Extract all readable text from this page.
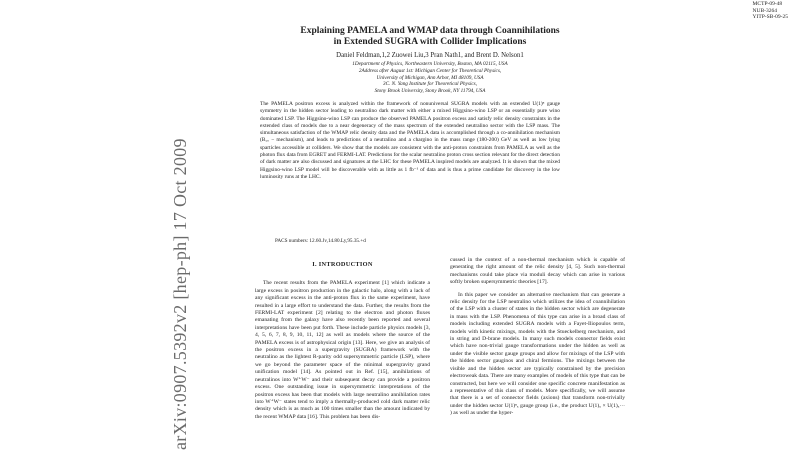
MCTP-09-48
NUB-3264
YITP-SB-09-25
arXiv:0907.5392v2 [hep-ph] 17 Oct 2009
Explaining PAMELA and WMAP data through Coannihilations
in Extended SUGRA with Collider Implications
Daniel Feldman,1,2 Zuowei Liu,3 Pran Nath1, and Brent D. Nelson1
1Department of Physics, Northeastern University, Boston, MA 02115, USA
2Address after August 1st: Michigan Center for Theoretical Physics,
University of Michigan, Ann Arbor, MI 48109, USA
3C. N. Yang Institute for Theoretical Physics,
Stony Brook University, Stony Brook, NY 11794, USA
The PAMELA positron excess is analyzed within the framework of nonuniversal SUGRA models with an extended U(1)ⁿ gauge symmetry in the hidden sector leading to neutralino dark matter with either a mixed Higgsino-wino LSP or an essentially pure wino dominated LSP. The Higgsino-wino LSP can produce the observed PAMELA positron excess and satisfy relic density constraints in the extended class of models due to a near degeneracy of the mass spectrum of the extended neutralino sector with the LSP mass. The simultaneous satisfaction of the WMAP relic density data and the PAMELA data is accomplished through a co-annihilation mechanism (B꜀ₒ − mechanism), and leads to predictions of a neutralino and a chargino in the mass range (180-200) GeV as well as low lying sparticles accessible at colliders. We show that the models are consistent with the anti-proton constraints from PAMELA as well as the photon flux data from EGRET and FERMI-LAT. Predictions for the scalar neutralino proton cross section relevant for the direct detection of dark matter are also discussed and signatures at the LHC for these PAMELA inspired models are analyzed. It is shown that the mixed Higgsino-wino LSP model will be discoverable with as little as 1 fb⁻¹ of data and is thus a prime candidate for discovery in the low luminosity runs at the LHC.
PACS numbers: 12.60.Jv,14.80.Ly,95.35.+d
I. INTRODUCTION

The recent results from the PAMELA experiment [1] which indicate a large excess in positron production in the galactic halo, along with a lack of any significant excess in the anti-proton flux in the same experiment, have resulted in a large effort to understand the data. Further, the results from the FERMI-LAT experiment [2] relating to the electron and photon fluxes emanating from the galaxy have also recently been reported and several interpretations have been put forth. These include particle physics models [3, 4, 5, 6, 7, 8, 9, 10, 11, 12] as well as models where the source of the PAMELA excess is of astrophysical origin [13]. Here, we give an analysis of the positron excess in a supergravity (SUGRA) framework with the neutralino as the lightest R-parity odd supersymmetric particle (LSP), where we go beyond the parameter space of the minimal supergravity grand unification model [14]. As pointed out in Ref. [15], annihilations of neutralinos into W⁺W⁻ and their subsequent decay can provide a positron excess. One outstanding issue in supersymmetric interpretations of the positron excess has been that models with large neutralino annihilation rates into W⁺W⁻ states tend to imply a thermally-produced cold dark matter relic density which is as much as 100 times smaller than the amount indicated by the recent WMAP data [16]. This problem has been dis-

cussed in the context of a non-thermal mechanism which is capable of generating the right amount of the relic density [4, 5]. Such non-thermal mechanisms could take place via moduli decay which can arise in various softly broken supersymmetric theories [17].

In this paper we consider an alternative mechanism that can generate a relic density for the LSP neutralino which utilizes the idea of coannihilation of the LSP with a cluster of states in the hidden sector which are degenerate in mass with the LSP. Phenomena of this type can arise in a broad class of models including extended SUGRA models with a Fayet-Iliopoulos term, models with kinetic mixings, models with the Stueckelberg mechanism, and in string and D-brane models. In many such models connector fields exist which have non-trivial gauge transformations under the hidden as well as under the visible sector gauge groups and allow for mixings of the LSP with the hidden sector gauginos and chiral fermions. The mixings between the visible and the hidden sector are typically constrained by the precision electroweak data. There are many examples of models of this type that can be constructed, but here we will consider one specific concrete manifestation as a representative of this class of models. More specifically, we will assume that there is a set of connector fields (axions) that transform non-trivially under the hidden sector U(1)ⁿₓ gauge group (i.e., the product U(1)ₓ × U(1)ₓ··· ) as well as under the hyper-
